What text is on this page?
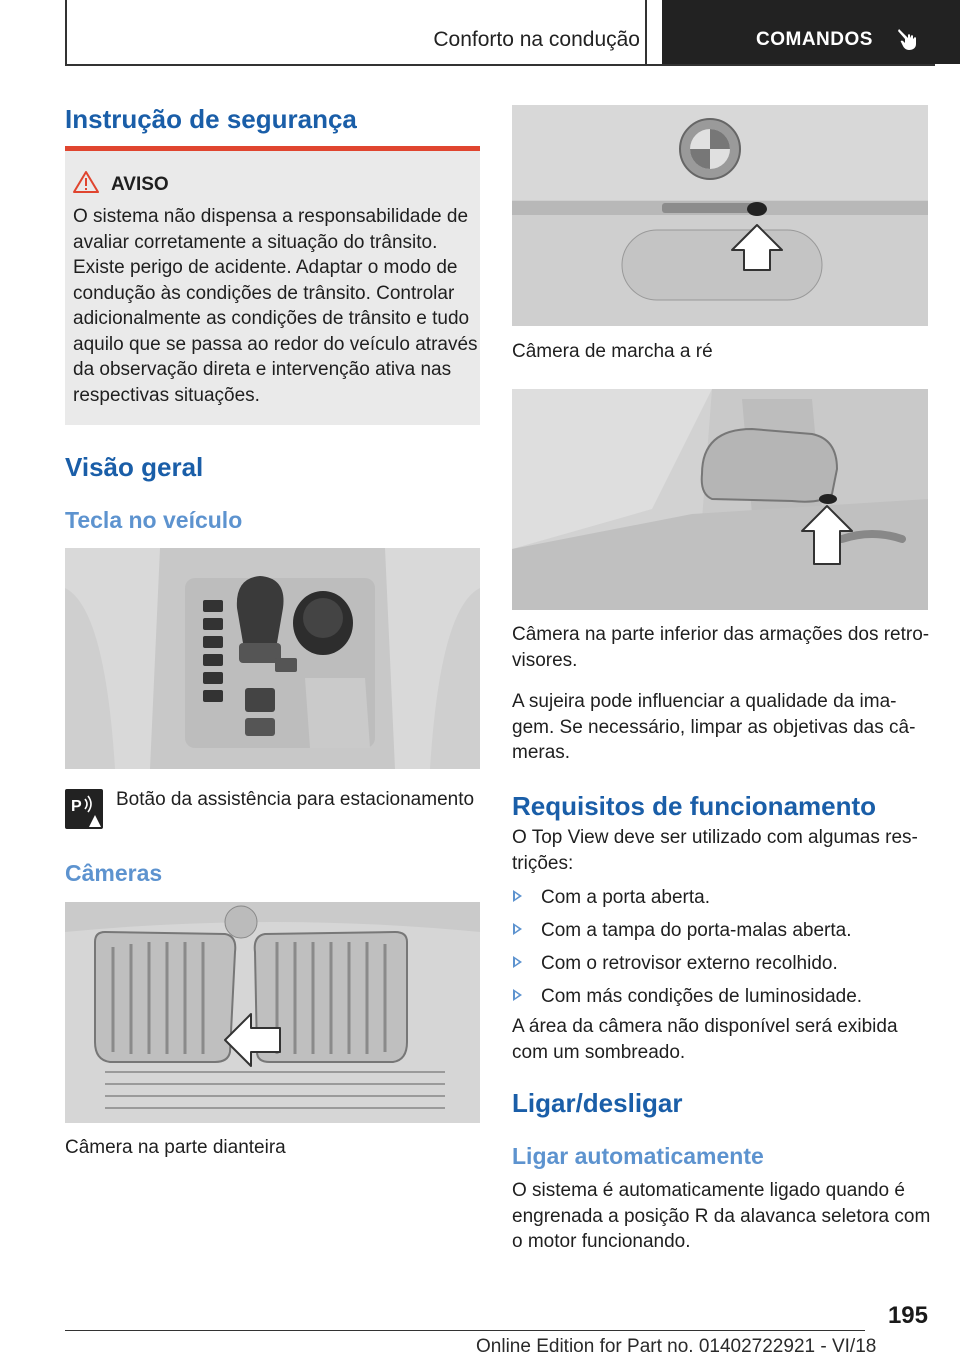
Conforto na condução	COMANDOS
Instrução de segurança
AVISO
O sistema não dispensa a responsabilidade de
avaliar corretamente a situação do trânsito.
Existe perigo de acidente. Adaptar o modo de
condução às condições de trânsito. Controlar
adicionalmente as condições de trânsito e tudo
aquilo que se passa ao redor do veículo através
da observação direta e intervenção ativa nas
respectivas situações.
Visão geral
Tecla no veículo
P Botão da assistência para estacionamento
Câmeras
Câmera na parte dianteira
Câmera de marcha a ré
Câmera na parte inferior das armações dos retro-
visores.
A sujeira pode influenciar a qualidade da ima-
gem. Se necessário, limpar as objetivas das câ-
meras.
Requisitos de funcionamento
O Top View deve ser utilizado com algumas res-
trições:
Com a porta aberta.
Com a tampa do porta-malas aberta.
Com o retrovisor externo recolhido.
Com más condições de luminosidade.
A área da câmera não disponível será exibida
com um sombreado.
Ligar/desligar
Ligar automaticamente
O sistema é automaticamente ligado quando é
engrenada a posição R da alavanca seletora com
o motor funcionando.
195
Online Edition for Part no. 01402722921 - VI/18
